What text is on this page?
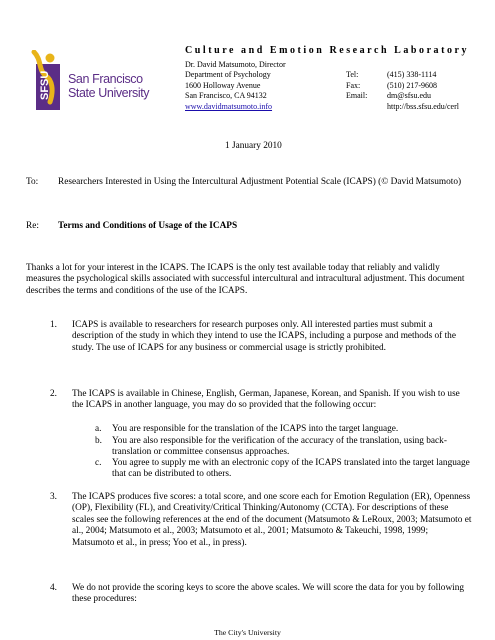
SFSU San Francisco
State University
Culture and Emotion Research Laboratory
Dr. David Matsumoto, Director
Department of Psychology
1600 Holloway Avenue
San Francisco, CA 94132
www.davidmatsumoto.info
Tel:
Fax:
Email:
(415) 338-1114
(510) 217-9608
dm@sfsu.edu
http://bss.sfsu.edu/cerl
1 January 2010
To: Researchers Interested in Using the Intercultural Adjustment Potential Scale (ICAPS) (© David Matsumoto)
Re: Terms and Conditions of Usage of the ICAPS
Thanks a lot for your interest in the ICAPS. The ICAPS is the only test available today that reliably and validly measures the psychological skills associated with successful intercultural and intracultural adjustment. This document describes the terms and conditions of the use of the ICAPS.
1. ICAPS is available to researchers for research purposes only. All interested parties must submit a description of the study in which they intend to use the ICAPS, including a purpose and methods of the study. The use of ICAPS for any business or commercial usage is strictly prohibited.
2. The ICAPS is available in Chinese, English, German, Japanese, Korean, and Spanish. If you wish to use the ICAPS in another language, you may do so provided that the following occur:
a. You are responsible for the translation of the ICAPS into the target language.
b. You are also responsible for the verification of the accuracy of the translation, using back-translation or committee consensus approaches.
c. You agree to supply me with an electronic copy of the ICAPS translated into the target language that can be distributed to others.
3. The ICAPS produces five scores: a total score, and one score each for Emotion Regulation (ER), Openness (OP), Flexibility (FL), and Creativity/Critical Thinking/Autonomy (CCTA). For descriptions of these scales see the following references at the end of the document (Matsumoto & LeRoux, 2003; Matsumoto et al., 2004; Matsumoto et al., 2003; Matsumoto et al., 2001; Matsumoto & Takeuchi, 1998, 1999; Matsumoto et al., in press; Yoo et al., in press).
4. We do not provide the scoring keys to score the above scales. We will score the data for you by following these procedures:
The City's University
